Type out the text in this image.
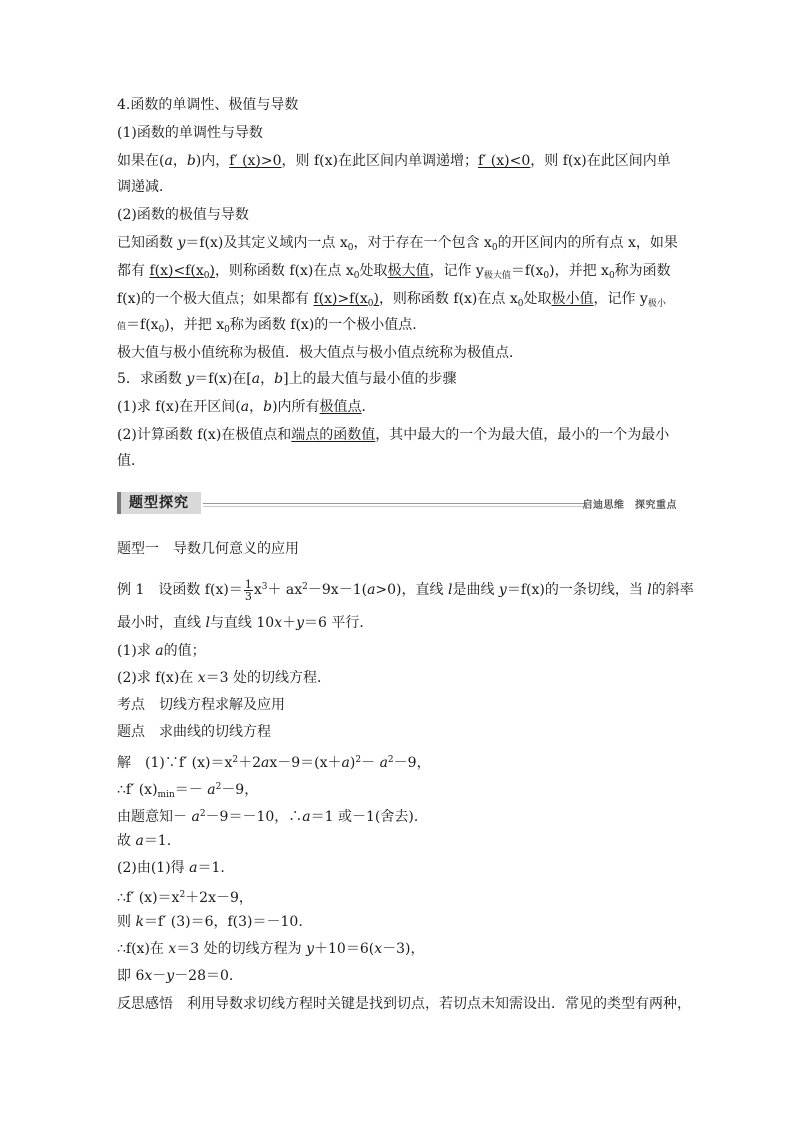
4.函数的单调性、极值与导数
(1)函数的单调性与导数
如果在(a，b)内，f′ (x)>0，则 f(x)在此区间内单调递增；f′ (x)<0，则 f(x)在此区间内单
调递减．
(2)函数的极值与导数
已知函数 y＝f(x)及其定义域内一点 $x_0$，对于存在一个包含 $x_0$的开区间内的所有点 x，如果
都有 $f(x)<f(x_0)$，则称函数 f(x)在点 $x_0$处取极大值，记作 $y_{极大值}=f(x_0)$，并把 $x_0$称为函数
f(x)的一个极大值点；如果都有 $f(x)>f(x_0)$，则称函数 f(x)在点 $x_0$处取极小值，记作 $y_{极小}$
值$=f(x_0)$，并把 $x_0$称为函数 f(x)的一个极小值点．
极大值与极小值统称为极值．极大值点与极小值点统称为极值点．
5．求函数 y＝f(x)在[a，b]上的最大值与最小值的步骤
(1)求 f(x)在开区间(a，b)内所有极值点．
(2)计算函数 f(x)在极值点和端点的函数值，其中最大的一个为最大值，最小的一个为最小
值．
题型探究	启迪思维　探究重点
题型一　导数几何意义的应用
例 1　设函数 $f(x)= \frac{1}{3} x^3+ ax^2-9x-1(a>0)$，直线 l是曲线 y＝f(x)的一条切线，当 l的斜率
最小时，直线 l与直线 10x＋y＝6 平行．
(1)求 a的值；
(2)求 f(x)在 x＝3 处的切线方程．
考点　切线方程求解及应用
题点　求曲线的切线方程
解　(1)∵f′ $(x)=x^2+2ax-9=(x+a)^2- a^2-9$，
∴f′ $(x)_{min}=- a^2-9$，
由题意知－ $a^2-9=-10$，∴a＝1 或－1(舍去)．
故 a＝1.
(2)由(1)得 a＝1.
∴f′ $(x)=x^2+2x-9$，
则 k＝f′ (3)＝6，f(3)＝－10.
∴f(x)在 x＝3 处的切线方程为 y＋10＝6(x－3)，
即 6x－y－28＝0.
反思感悟　利用导数求切线方程时关键是找到切点，若切点未知需设出．常见的类型有两种，
